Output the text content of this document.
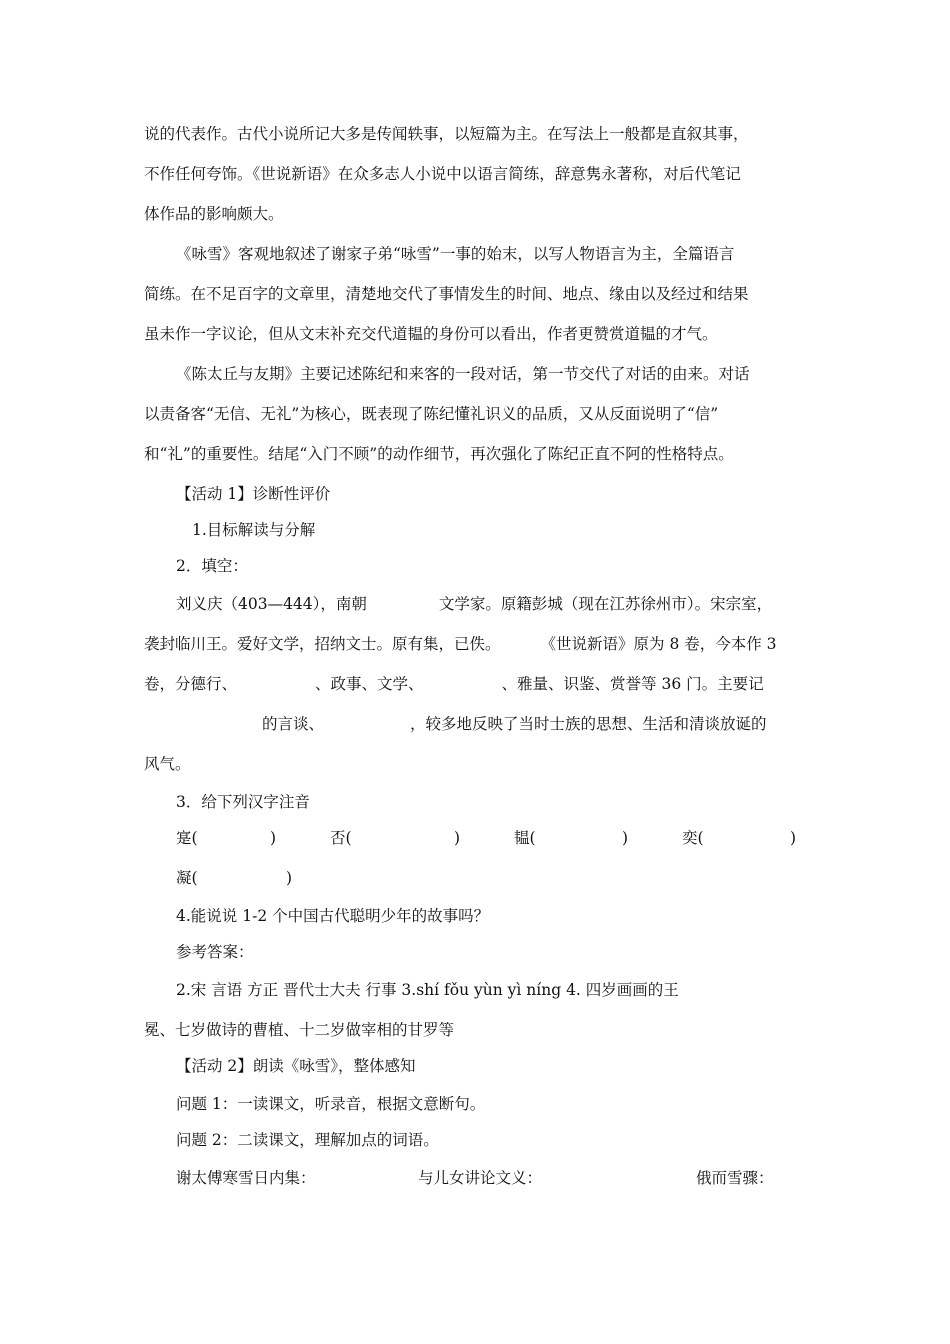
说的代表作。古代小说所记大多是传闻轶事，以短篇为主。在写法上一般都是直叙其事，
不作任何夸饰。《世说新语》在众多志人小说中以语言简练，辞意隽永著称，对后代笔记
体作品的影响颇大。
《咏雪》客观地叙述了谢家子弟“咏雪”一事的始末，以写人物语言为主，全篇语言
简练。在不足百字的文章里，清楚地交代了事情发生的时间、地点、缘由以及经过和结果
虽未作一字议论，但从文末补充交代道韫的身份可以看出，作者更赞赏道韫的才气。
《陈太丘与友期》主要记述陈纪和来客的一段对话，第一节交代了对话的由来。对话
以责备客“无信、无礼”为核心，既表现了陈纪懂礼识义的品质，又从反面说明了“信”
和“礼”的重要性。结尾“入门不顾”的动作细节，再次强化了陈纪正直不阿的性格特点。
【活动 1】诊断性评价
1.目标解读与分解
2．填空：
刘义庆（403—444），南朝	文学家。原籍彭城（现在江苏徐州市）。宋宗室，
袭封临川王。爱好文学，招纳文士。原有集，已佚。	《世说新语》原为 8 卷，今本作 3
卷，分德行、	、政事、文学、	、雅量、识鉴、赏誉等 36 门。主要记
的言谈、	，较多地反映了当时士族的思想、生活和清谈放诞的
风气。
3．给下列汉字注音
寔(	)	否(	)	韫(	)	奕(	)
凝(	)
4.能说说 1-2 个中国古代聪明少年的故事吗？
参考答案：
2.宋 言语 方正 晋代士大夫 行事 3.shí fǒu yùn yì níng 4. 四岁画画的王
冕、七岁做诗的曹植、十二岁做宰相的甘罗等
【活动 2】朗读《咏雪》，整体感知
问题 1：一读课文，听录音，根据文意断句。
问题 2：二读课文，理解加点的词语。
谢太傅寒雪日内集：	与儿女讲论文义：	俄而雪骤：
